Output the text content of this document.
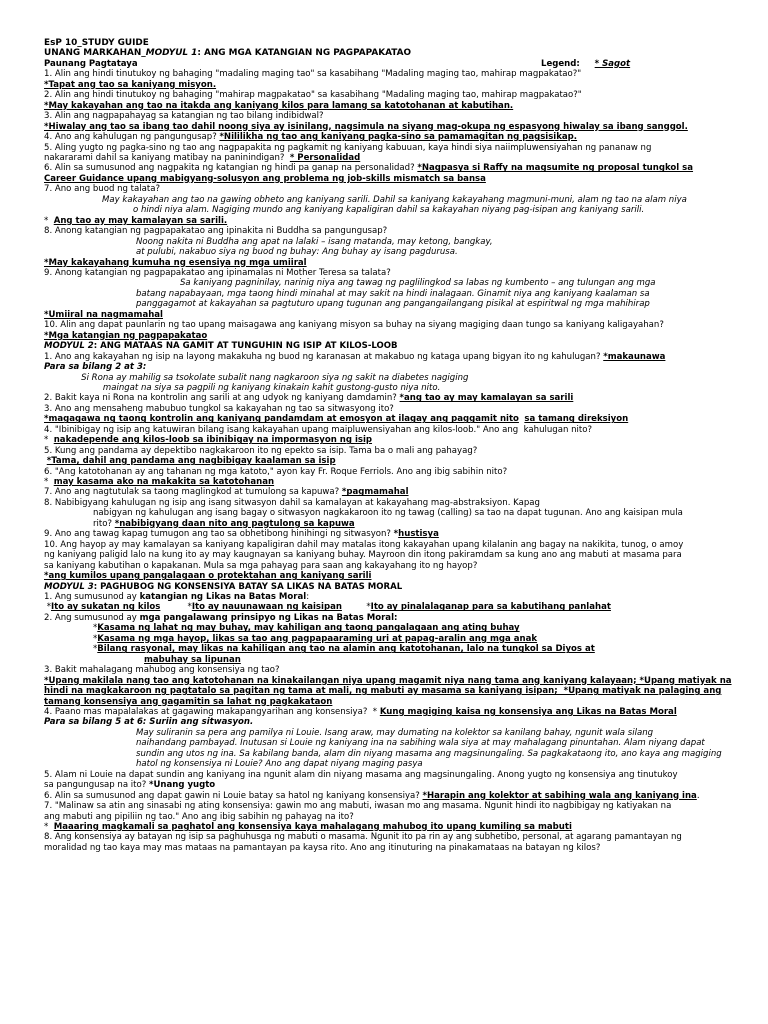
EsP 10_STUDY GUIDE
UNANG MARKAHAN_MODYUL 1: ANG MGA KATANGIAN NG PAGPAPAKATAO
Paunang Pagtataya	Legend: * Sagot
1. Alin ang hindi tinutukoy ng bahaging "madaling maging tao" sa kasabihang "Madaling maging tao, mahirap magpakatao?"
*Tapat ang tao sa kaniyang misyon.
2. Alin ang hindi tinutukoy ng bahaging "mahirap magpakatao" sa kasabihang "Madaling maging tao, mahirap magpakatao?"
*May kakayahan ang tao na itakda ang kaniyang kilos para lamang sa katotohanan at kabutihan.
3. Alin ang nagpapahayag sa katangian ng tao bilang indibidwal?
*Hiwalay ang tao sa ibang tao dahil noong siya ay isinilang, nagsimula na siyang mag-okupa ng espasyong hiwalay sa ibang sanggol.
4. Ano ang kahulugan ng pangungusap? *Nililikha ng tao ang kaniyang pagka-sino sa pamamagitan ng pagsisikap.
5. Aling yugto ng pagka-sino ng tao ang nagpapakita ng pagkamit ng kaniyang kabuuan, kaya hindi siya naiimpluwensiyahan ng pananaw ng
nakararami dahil sa kaniyang matibay na paninindigan?  * Personalidad
6. Alin sa sumusunod ang nagpakita ng katangian ng hindi pa ganap na personalidad? *Nagpasya si Raffy na magsumite ng proposal tungkol sa
Career Guidance upang mabigyang-solusyon ang problema ng job-skills mismatch sa bansa
7. Ano ang buod ng talata?
May kakayahan ang tao na gawing obheto ang kaniyang sarili. Dahil sa kaniyang kakayahang magmuni-muni, alam ng tao na alam niya
o hindi niya alam. Nagiging mundo ang kaniyang kapaligiran dahil sa kakayahan niyang pag-isipan ang kaniyang sarili.
*  Ang tao ay may kamalayan sa sarili.
8. Anong katangian ng pagpapakatao ang ipinakita ni Buddha sa pangungusap?
Noong nakita ni Buddha ang apat na lalaki – isang matanda, may ketong, bangkay,
at pulubi, nakabuo siya ng buod ng buhay: Ang buhay ay isang pagdurusa.
*May kakayahang kumuha ng esensiya ng mga umiiral
9. Anong katangian ng pagpapakatao ang ipinamalas ni Mother Teresa sa talata?
Sa kaniyang pagninilay, narinig niya ang tawag ng paglilingkod sa labas ng kumbento – ang tulungan ang mga
batang napabayaan, mga taong hindi minahal at may sakit na hindi inalagaan. Ginamit niya ang kaniyang kaalaman sa
panggagamot at kakayahan sa pagtuturo upang tugunan ang pangangailangang pisikal at espiritwal ng mga mahihirap
*Umiiral na nagmamahal
10. Alin ang dapat paunlarin ng tao upang maisagawa ang kaniyang misyon sa buhay na siyang magiging daan tungo sa kaniyang kaligayahan?
*Mga katangian ng pagpapakatao
MODYUL 2: ANG MATAAS NA GAMIT AT TUNGUHIN NG ISIP AT KILOS-LOOB
1. Ano ang kakayahan ng isip na layong makakuha ng buod ng karanasan at makabuo ng kataga upang bigyan ito ng kahulugan? *makaunawa
Para sa bilang 2 at 3:
Si Rona ay mahilig sa tsokolate subalit nang nagkaroon siya ng sakit na diabetes nagiging
maingat na siya sa pagpili ng kaniyang kinakain kahit gustong-gusto niya nito.
2. Bakit kaya ni Rona na kontrolin ang sarili at ang udyok ng kaniyang damdamin? *ang tao ay may kamalayan sa sarili
3. Ano ang mensaheng mabubuo tungkol sa kakayahan ng tao sa sitwasyong ito?
*magagawa ng taong kontrolin ang kaniyang pandamdam at emosyon at ilagay ang paggamit nito sa tamang direksiyon
4. "Ibinibigay ng isip ang katuwiran bilang isang kakayahan upang maipluwensiyahan ang kilos-loob." Ano ang  kahulugan nito?
*  nakadepende ang kilos-loob sa ibinibigay na impormasyon ng isip
5. Kung ang pandama ay depektibo nagkakaroon ito ng epekto sa isip. Tama ba o mali ang pahayag?
*Tama, dahil ang pandama ang nagbibigay kaalaman sa isip
6. "Ang katotohanan ay ang tahanan ng mga katoto," ayon kay Fr. Roque Ferriols. Ano ang ibig sabihin nito?
*  may kasama ako na makakita sa katotohanan
7. Ano ang nagtutulak sa taong maglingkod at tumulong sa kapuwa? *pagmamahal
8. Nabibigyang kahulugan ng isip ang isang sitwasyon dahil sa kamalayan at kakayahang mag-abstraksiyon. Kapag
nabigyan ng kahulugan ang isang bagay o sitwasyon nagkakaroon ito ng tawag (calling) sa tao na dapat tugunan. Ano ang kaisipan mula
rito? *nabibigyang daan nito ang pagtulong sa kapuwa
9. Ano ang tawag kapag tumugon ang tao sa obhetibong hinihingi ng sitwasyon? *hustisya
10. Ang hayop ay may kamalayan sa kaniyang kapaligiran dahil may matalas itong kakayahan upang kilalanin ang bagay na nakikita, tunog, o amoy
ng kaniyang paligid lalo na kung ito ay may kaugnayan sa kaniyang buhay. Mayroon din itong pakiramdam sa kung ano ang mabuti at masama para
sa kaniyang kabutihan o kapakanan. Mula sa mga pahayag para saan ang kakayahang ito ng hayop?
*ang kumilos upang pangalagaan o protektahan ang kaniyang sarili
MODYUL 3: PAGHUBOG NG KONSENSIYA BATAY SA LIKAS NA BATAS MORAL
1. Ang sumusunod ay katangian ng Likas na Batas Moral:
*Ito ay sukatan ng kilos          *Ito ay nauunawaan ng kaisipan         *Ito ay pinalalaganap para sa kabutihang panlahat
2. Ang sumusunod ay mga pangalawang prinsipyo ng Likas na Batas Moral:
*Kasama ng lahat ng may buhay, may kahiligan ang taong pangalagaan ang ating buhay
*Kasama ng mga hayop, likas sa tao ang pagpapaaraming uri at papag-aralin ang mga anak
*Bilang rasyonal, may likas na kahiligan ang tao na alamin ang katotohanan, lalo na tungkol sa Diyos at
mabuhay sa lipunan
3. Bakit mahalagang mahubog ang konsensiya ng tao?
*Upang makilala nang tao ang katotohanan na kinakailangan niya upang magamit niya nang tama ang kaniyang kalayaan; *Upang matiyak na
hindi na magkakaroon ng pagtatalo sa pagitan ng tama at mali, ng mabuti ay masama sa kaniyang isipan;  *Upang matiyak na palaging ang
tamang konsensiya ang gagamitin sa lahat ng pagkakataon
4. Paano mas mapalalakas at gagawing makapangyarihan ang konsensiya?  * Kung magiging kaisa ng konsensiya ang Likas na Batas Moral
Para sa bilang 5 at 6: Suriin ang sitwasyon.
May suliranin sa pera ang pamilya ni Louie. Isang araw, may dumating na kolektor sa kanilang bahay, ngunit wala silang
naihandang pambayad. Inutusan si Louie ng kaniyang ina na sabihing wala siya at may mahalagang pinuntahan. Alam niyang dapat
sundin ang utos ng ina. Sa kabilang banda, alam din niyang masama ang magsinungaling. Sa pagkakataong ito, ano kaya ang magiging
hatol ng konsensiya ni Louie? Ano ang dapat niyang maging pasya
5. Alam ni Louie na dapat sundin ang kaniyang ina ngunit alam din niyang masama ang magsinungaling. Anong yugto ng konsensiya ang tinutukoy
sa pangungusap na ito? *Unang yugto
6. Alin sa sumusunod ang dapat gawin ni Louie batay sa hatol ng kaniyang konsensiya? *Harapin ang kolektor at sabihing wala ang kaniyang ina.
7. "Malinaw sa atin ang sinasabi ng ating konsensiya: gawin mo ang mabuti, iwasan mo ang masama. Ngunit hindi ito nagbibigay ng katiyakan na
ang mabuti ang pipiliin ng tao." Ano ang ibig sabihin ng pahayag na ito?
*  Maaaring magkamali sa paghatol ang konsensiya kaya mahalagang mahubog ito upang kumiling sa mabuti
8. Ang konsensiya ay batayan ng isip sa paghuhusga ng mabuti o masama. Ngunit ito pa rin ay ang subhetibo, personal, at agarang pamantayan ng
moralidad ng tao kaya may mas mataas na pamantayan pa kaysa rito. Ano ang itinuturing na pinakamataas na batayan ng kilos?
